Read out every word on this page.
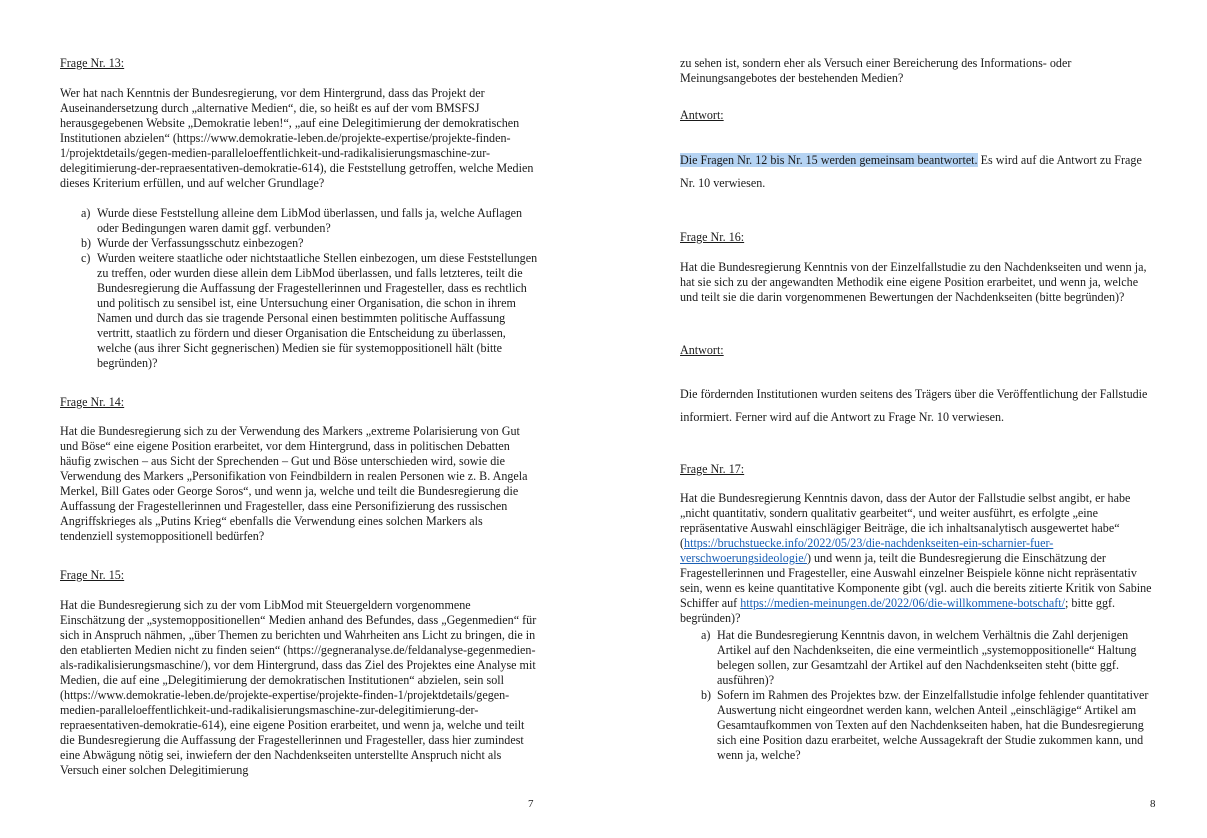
Frage Nr. 13:

Wer hat nach Kenntnis der Bundesregierung, vor dem Hintergrund, dass das Projekt der Auseinandersetzung durch „alternative Medien“, die, so heißt es auf der vom BMSFSJ herausgegebenen Website „Demokratie leben!“, „auf eine Delegitimierung der demokratischen Institutionen abzielen“ (https://www.demokratie-leben.de/projekte-expertise/projekte-finden-1/projektdetails/gegen-medien-paralleloeffentlichkeit-und-radikalisierungsmaschine-zur-delegitimierung-der-repraesentativen-demokratie-614), die Feststellung getroffen, welche Medien dieses Kriterium erfüllen, und auf welcher Grundlage?

a) Wurde diese Feststellung alleine dem LibMod überlassen, und falls ja, welche Auflagen oder Bedingungen waren damit ggf. verbunden?
b) Wurde der Verfassungsschutz einbezogen?
c) Wurden weitere staatliche oder nichtstaatliche Stellen einbezogen, um diese Feststellungen zu treffen, oder wurden diese allein dem LibMod überlassen, und falls letzteres, teilt die Bundesregierung die Auffassung der Fragestellerinnen und Fragesteller, dass es rechtlich und politisch zu sensibel ist, eine Untersuchung einer Organisation, die schon in ihrem Namen und durch das sie tragende Personal einen bestimmten politische Auffassung vertritt, staatlich zu fördern und dieser Organisation die Entscheidung zu überlassen, welche (aus ihrer Sicht gegnerischen) Medien sie für systemoppositionell hält (bitte begründen)?
Frage Nr. 14:

Hat die Bundesregierung sich zu der Verwendung des Markers „extreme Polarisierung von Gut und Böse“ eine eigene Position erarbeitet, vor dem Hintergrund, dass in politischen Debatten häufig zwischen – aus Sicht der Sprechenden – Gut und Böse unterschieden wird, sowie die Verwendung des Markers „Personifikation von Feindbildern in realen Personen wie z. B. Angela Merkel, Bill Gates oder George Soros“, und wenn ja, welche und teilt die Bundesregierung die Auffassung der Fragestellerinnen und Fragesteller, dass eine Personifizierung des russischen Angriffskrieges als „Putins Krieg“ ebenfalls die Verwendung eines solchen Markers als tendenziell systemoppositionell bedürfen?

Frage Nr. 15:

Hat die Bundesregierung sich zu der vom LibMod mit Steuergeldern vorgenommene Einschätzung der „systemoppositionellen“ Medien anhand des Befundes, dass „Gegenmedien“ für sich in Anspruch nähmen, „über Themen zu berichten und Wahrheiten ans Licht zu bringen, die in den etablierten Medien nicht zu finden seien“ (https://gegneranalyse.de/feldanalyse-gegenmedien-als-radikalisierungsmaschine/), vor dem Hintergrund, dass das Ziel des Projektes eine Analyse mit Medien, die auf eine „Delegitimierung der demokratischen Institutionen“ abzielen, sein soll (https://www.demokratie-leben.de/projekte-expertise/projekte-finden-1/projektdetails/gegen-medien-paralleloeffentlichkeit-und-radikalisierungsmaschine-zur-delegitimierung-der-repraesentativen-demokratie-614), eine eigene Position erarbeitet, und wenn ja, welche und teilt die Bundesregierung die Auffassung der Fragestellerinnen und Fragesteller, dass hier zumindest eine Abwägung nötig sei, inwiefern der den Nachdenkseiten unterstellte Anspruch nicht als Versuch einer solchen Delegitimierung

7

zu sehen ist, sondern eher als Versuch einer Bereicherung des Informations- oder Meinungsangebotes der bestehenden Medien?

Antwort:

Die Fragen Nr. 12 bis Nr. 15 werden gemeinsam beantwortet. Es wird auf die Antwort zu Frage Nr. 10 verwiesen.

Frage Nr. 16:

Hat die Bundesregierung Kenntnis von der Einzelfallstudie zu den Nachdenkseiten und wenn ja, hat sie sich zu der angewandten Methodik eine eigene Position erarbeitet, und wenn ja, welche und teilt sie die darin vorgenommenen Bewertungen der Nachdenkseiten (bitte begründen)?

Antwort:

Die fördernden Institutionen wurden seitens des Trägers über die Veröffentlichung der Fallstudie informiert. Ferner wird auf die Antwort zu Frage Nr. 10 verwiesen.

Frage Nr. 17:

Hat die Bundesregierung Kenntnis davon, dass der Autor der Fallstudie selbst angibt, er habe „nicht quantitativ, sondern qualitativ gearbeitet“, und weiter ausführt, es erfolgte „eine repräsentative Auswahl einschlägiger Beiträge, die ich inhaltsanalytisch ausgewertet habe“ (https://bruchstuecke.info/2022/05/23/die-nachdenkseiten-ein-scharnier-fuer-verschwoerungsideologie/) und wenn ja, teilt die Bundesregierung die Einschätzung der Fragestellerinnen und Fragesteller, eine Auswahl einzelner Beispiele könne nicht repräsentativ sein, wenn es keine quantitative Komponente gibt (vgl. auch die bereits zitierte Kritik von Sabine Schiffer auf https://medien-meinungen.de/2022/06/die-willkommene-botschaft/; bitte ggf. begründen)?

a) Hat die Bundesregierung Kenntnis davon, in welchem Verhältnis die Zahl derjenigen Artikel auf den Nachdenkseiten, die eine vermeintlich „systemoppositionelle“ Haltung belegen sollen, zur Gesamtzahl der Artikel auf den Nachdenkseiten steht (bitte ggf. ausführen)?
b) Sofern im Rahmen des Projektes bzw. der Einzelfallstudie infolge fehlender quantitativer Auswertung nicht eingeordnet werden kann, welchen Anteil „einschlägige“ Artikel am Gesamtaufkommen von Texten auf den Nachdenkseiten haben, hat die Bundesregierung sich eine Position dazu erarbeitet, welche Aussagekraft der Studie zukommen kann, und wenn ja, welche?
8
